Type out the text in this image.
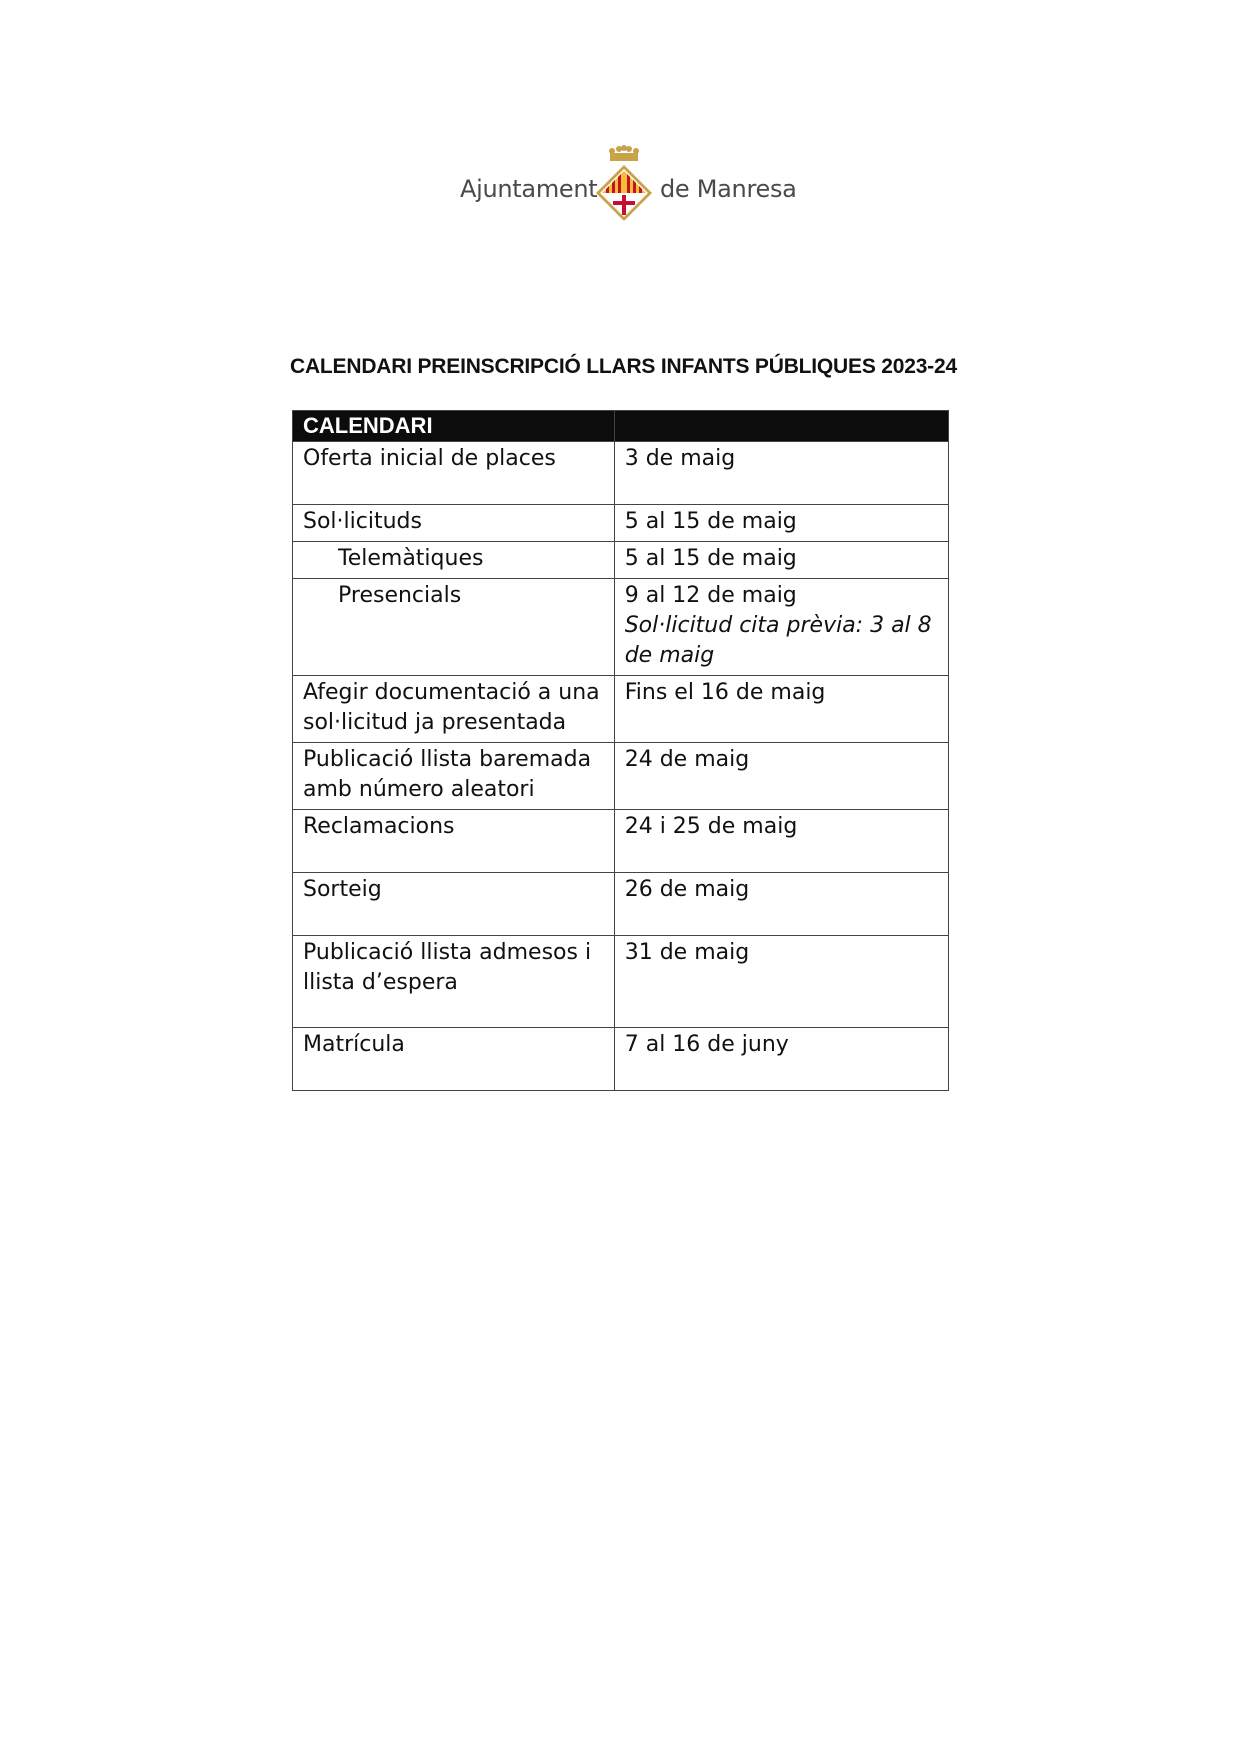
Ajuntament	de Manresa
CALENDARI PREINSCRIPCIÓ LLARS INFANTS PÚBLIQUES 2023-24
CALENDARI	
Oferta inicial de places	3 de maig
Sol·licituds	5 al 15 de maig
Telemàtiques	5 al 15 de maig
Presencials	9 al 12 de maig
Sol·licitud cita prèvia: 3 al 8 de maig

Afegir documentació a una sol·licitud ja presentada	Fins el 16 de maig
Publicació llista baremada amb número aleatori	24 de maig
Reclamacions	24 i 25 de maig
Sorteig	26 de maig
Publicació llista admesos i llista d’espera	31 de maig
Matrícula	7 al 16 de juny
